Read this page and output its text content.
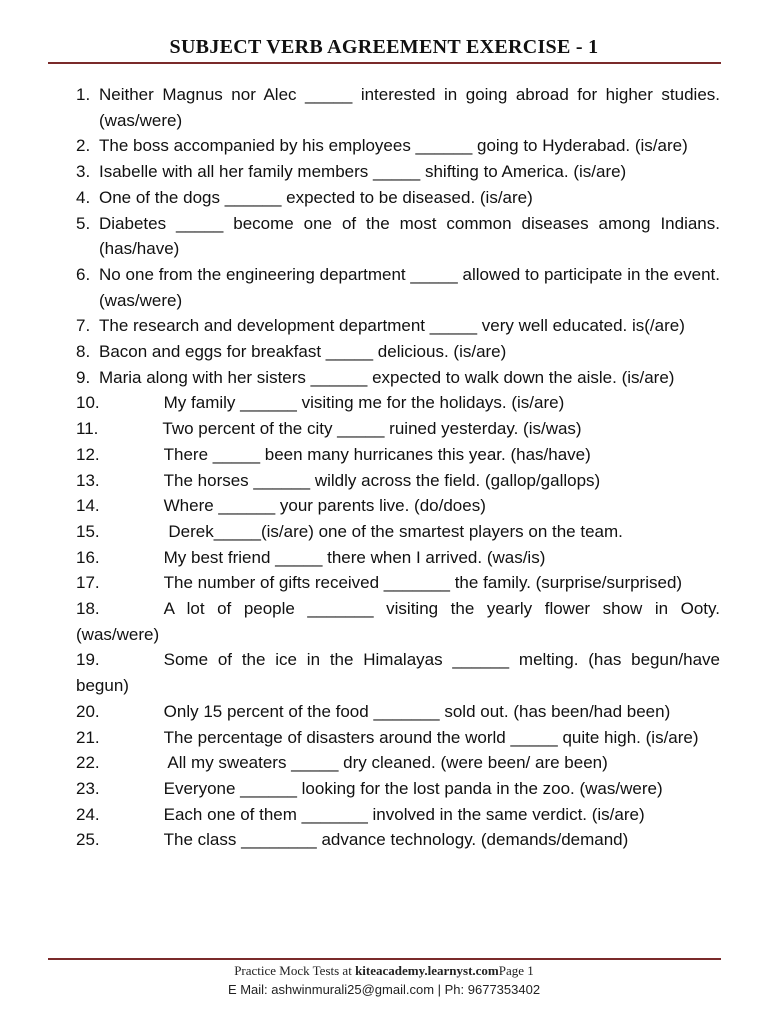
SUBJECT VERB AGREEMENT EXERCISE - 1
1. Neither Magnus nor Alec _____ interested in going abroad for higher studies. (was/were)
2. The boss accompanied by his employees ______ going to Hyderabad. (is/are)
3. Isabelle with all her family members _____ shifting to America. (is/are)
4. One of the dogs ______ expected to be diseased. (is/are)
5. Diabetes _____ become one of the most common diseases among Indians. (has/have)
6. No one from the engineering department _____ allowed to participate in the event. (was/were)
7. The research and development department _____ very well educated. is(/are)
8. Bacon and eggs for breakfast _____ delicious. (is/are)
9. Maria along with her sisters ______ expected to walk down the aisle. (is/are)
10.	My family ______ visiting me for the holidays. (is/are)
11.	Two percent of the city _____ ruined yesterday. (is/was)
12.	There _____ been many hurricanes this year. (has/have)
13.	The horses ______ wildly across the field. (gallop/gallops)
14.	Where ______ your parents live. (do/does)
15.	Derek_____(is/are) one of the smartest players on the team.
16.	My best friend _____ there when I arrived. (was/is)
17.	The number of gifts received _______ the family. (surprise/surprised)
18.	A lot of people _______ visiting the yearly flower show in Ooty. (was/were)
19.	Some of the ice in the Himalayas ______ melting. (has begun/have begun)
20.	Only 15 percent of the food _______ sold out. (has been/had been)
21.	The percentage of disasters around the world _____ quite high. (is/are)
22.	All my sweaters _____ dry cleaned. (were been/ are been)
23.	Everyone ______ looking for the lost panda in the zoo. (was/were)
24.	Each one of them _______ involved in the same verdict. (is/are)
25.	The class ________ advance technology. (demands/demand)
Practice Mock Tests at kiteacademy.learnyst.comPage 1
E Mail: ashwinmurali25@gmail.com | Ph: 9677353402
